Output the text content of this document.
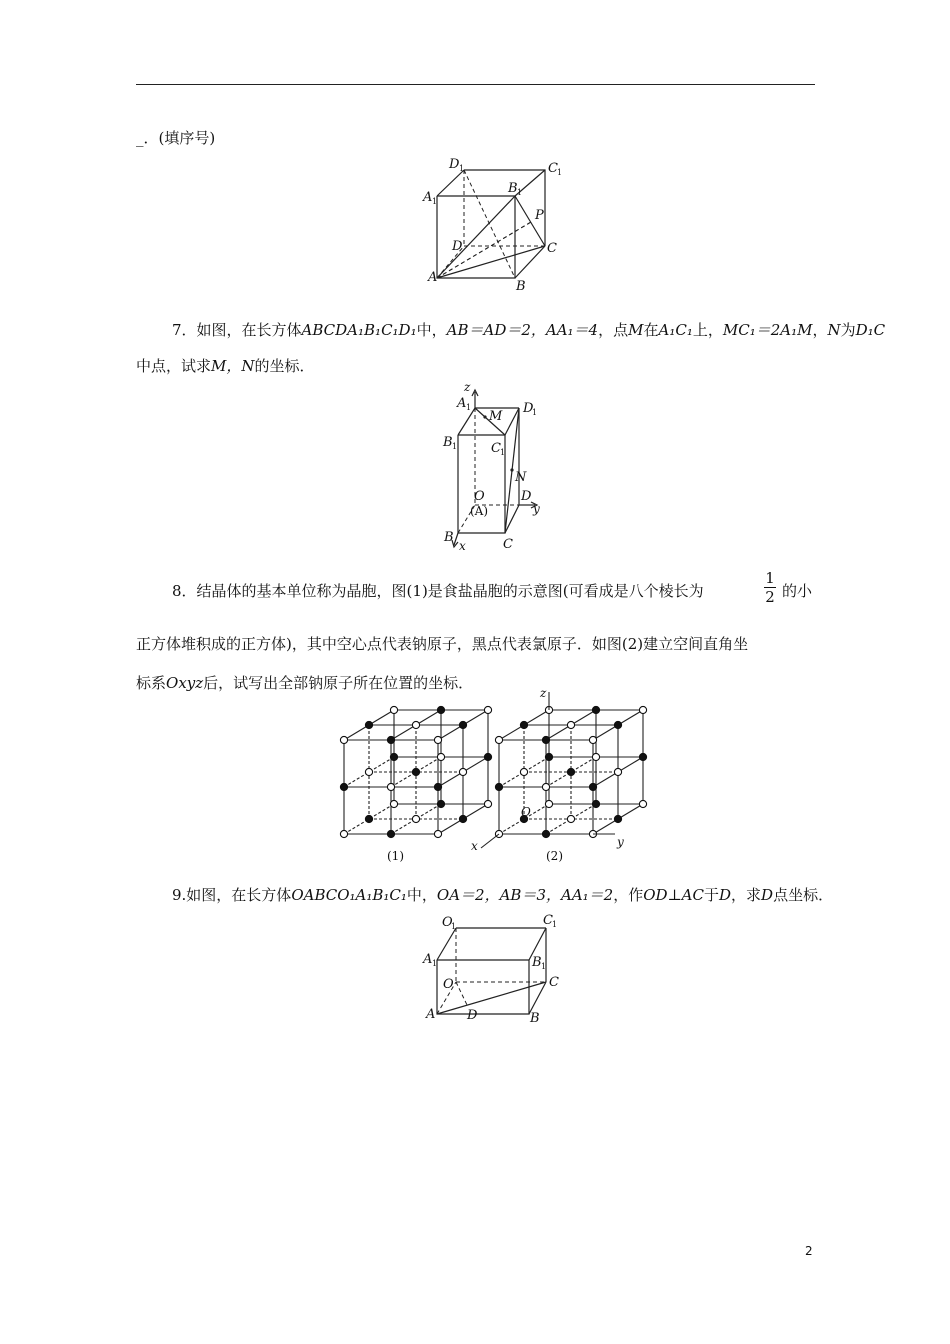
_．(填序号)
D 1	C 1
A 1
B 1
P
D	C
A
B
7．如图，在长方体ABCDA₁B₁C₁D₁中，AB＝AD＝2，AA₁＝4，点M在A₁C₁上，MC₁＝2A₁M，N为D₁C
中点，试求M，N的坐标．
z
A 1
M
D
1
B 1	C 1
N
O
(A)
D
y
B
x	C
8．结晶体的基本单位称为晶胞，图(1)是食盐晶胞的示意图(可看成是八个棱长为
1
2 的小
正方体堆积成的正方体)，其中空心点代表钠原子，黑点代表氯原子．如图(2)建立空间直角坐
标系Oxyz后，试写出全部钠原子所在位置的坐标．
z
y
x
O
(1)	(2)
9.如图，在长方体OABCO₁A₁B₁C₁中，OA＝2，AB＝3，AA₁＝2，作OD⊥AC于D，求D点坐标．
O
1	C 1
A 1	B 1
C
O
A D	B
2
